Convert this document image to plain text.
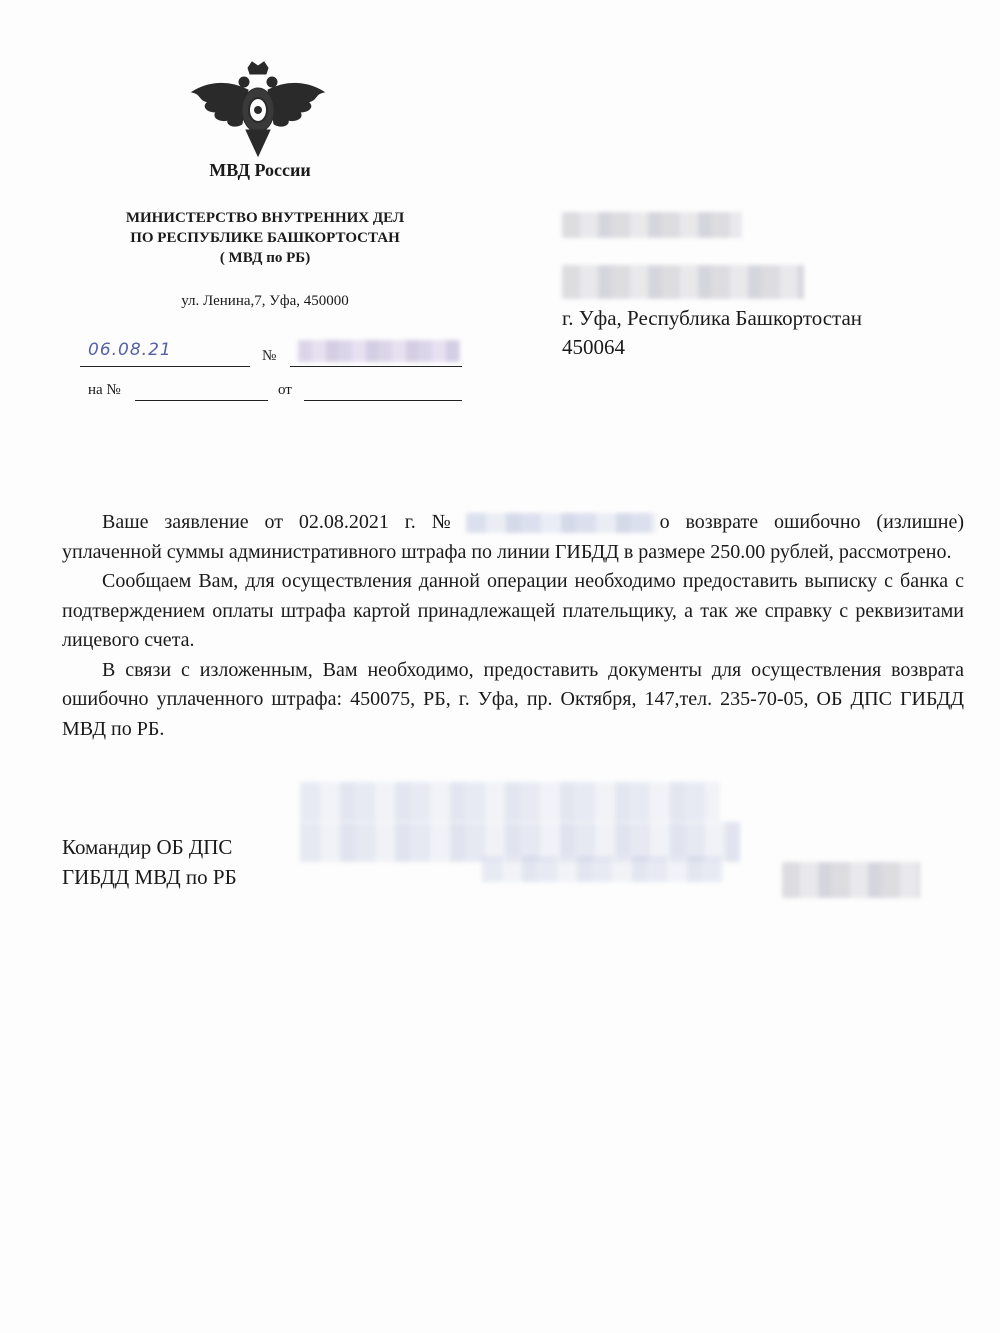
МВД России
МИНИСТЕРСТВО ВНУТРЕННИХ ДЕЛ
ПО РЕСПУБЛИКЕ БАШКОРТОСТАН
( МВД по РБ)
ул. Ленина,7, Уфа, 450000
06.08.21	№
на №	от
г. Уфа, Республика Башкортостан
450064

Ваше заявление от 02.08.2021 г. №	о возврате ошибочно (излишне) уплаченной суммы административного штрафа по линии ГИБДД в размере 250.00 рублей, рассмотрено.

Сообщаем Вам, для осуществления данной операции необходимо предоставить выписку с банка с подтверждением оплаты штрафа картой принадлежащей плательщику, а так же справку с реквизитами лицевого счета.

В связи с изложенным, Вам необходимо, предоставить документы для осуществления возврата ошибочно уплаченного штрафа: 450075, РБ, г. Уфа, пр. Октября, 147,тел. 235-70-05, ОБ ДПС ГИБДД МВД по РБ.

Командир ОБ ДПС
ГИБДД МВД по РБ
